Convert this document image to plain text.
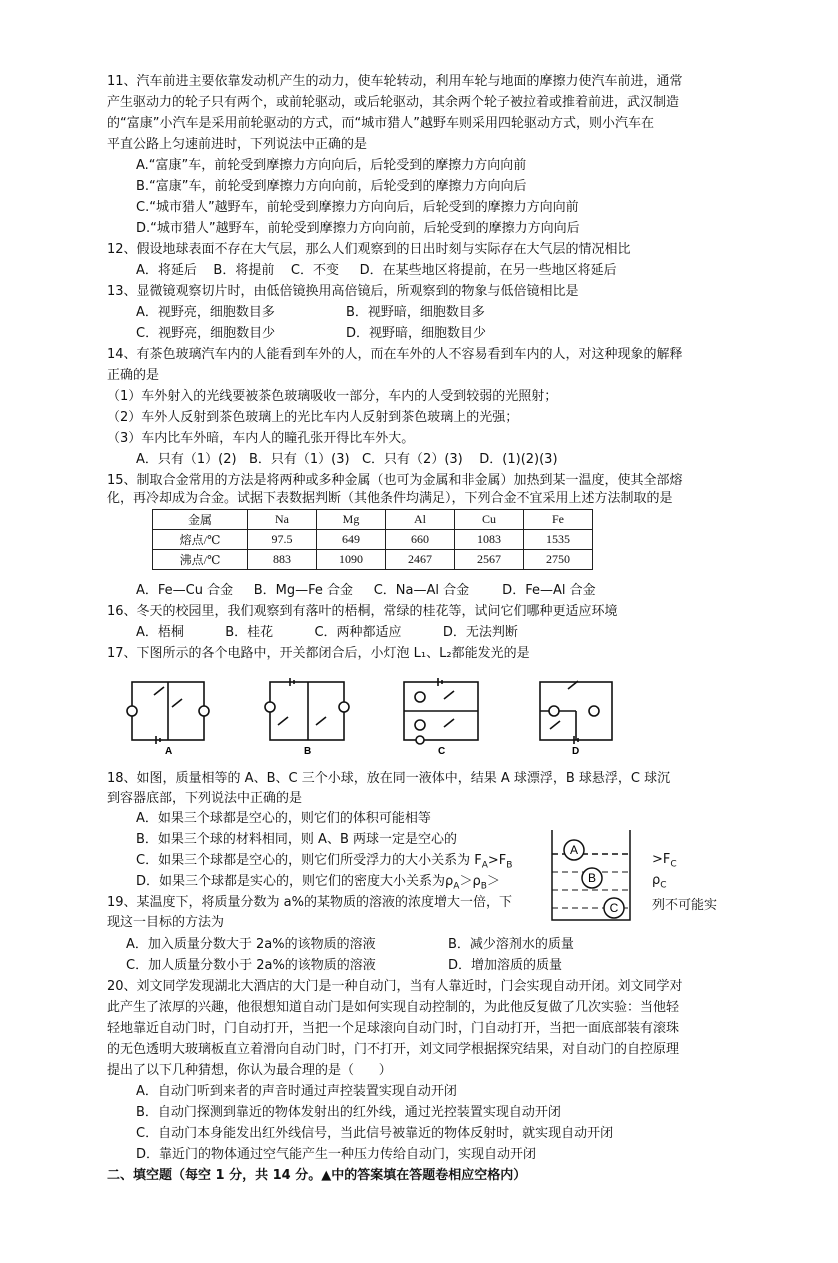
11、汽车前进主要依靠发动机产生的动力，使车轮转动，利用车轮与地面的摩擦力使汽车前进，通常
产生驱动力的轮子只有两个，或前轮驱动，或后轮驱动，其余两个轮子被拉着或推着前进，武汉制造
的“富康”小汽车是采用前轮驱动的方式，而“城市猎人”越野车则采用四轮驱动方式，则小汽车在
平直公路上匀速前进时，下列说法中正确的是
A.“富康”车，前轮受到摩擦力方向向后，后轮受到的摩擦力方向向前
B.“富康”车，前轮受到摩擦力方向向前，后轮受到的摩擦力方向向后
C.“城市猎人”越野车，前轮受到摩擦力方向向后，后轮受到的摩擦力方向向前
D.“城市猎人”越野车，前轮受到摩擦力方向向前，后轮受到的摩擦力方向向后
12、假设地球表面不存在大气层，那么人们观察到的日出时刻与实际存在大气层的情况相比
A．将延后    B．将提前    C．不变     D．在某些地区将提前，在另一些地区将延后
13、显微镜观察切片时，由低倍镜换用高倍镜后，所观察到的物象与低倍镜相比是
A．视野亮，细胞数目多	B．视野暗，细胞数目多
C．视野亮，细胞数目少	D．视野暗，细胞数目少
14、有茶色玻璃汽车内的人能看到车外的人，而在车外的人不容易看到车内的人，对这种现象的解释
正确的是
（1）车外射入的光线要被茶色玻璃吸收一部分，车内的人受到较弱的光照射；
（2）车外人反射到茶色玻璃上的光比车内人反射到茶色玻璃上的光强；
（3）车内比车外暗，车内人的瞳孔张开得比车外大。
A．只有（1）(2)   B．只有（1）(3)   C．只有（2）(3)    D．(1)(2)(3)
15、制取合金常用的方法是将两种或多种金属（也可为金属和非金属）加热到某一温度，使其全部熔
化，再冷却成为合金。试据下表数据判断（其他条件均满足），下列合金不宜采用上述方法制取的是
金属	Na	Mg	Al	Cu	Fe
熔点/℃	97.5	649	660	1083	1535
沸点/℃	883	1090	2467	2567	2750
A．Fe—Cu 合金     B．Mg—Fe 合金     C．Na—Al 合金        D．Fe—Al 合金
16、冬天的校园里，我们观察到有落叶的梧桐，常绿的桂花等，试问它们哪种更适应环境
A．梧桐          B．桂花          C．两种都适应          D．无法判断
17、下图所示的各个电路中，开关都闭合后，小灯泡 L₁、L₂都能发光的是
A	B	C	D
18、如图，质量相等的 A、B、C 三个小球，放在同一液体中，结果 A 球漂浮，B 球悬浮，C 球沉
到容器底部，下列说法中正确的是
A．如果三个球都是空心的，则它们的体积可能相等
B．如果三个球的材料相同，则 A、B 两球一定是空心的
C．如果三个球都是空心的，则它们所受浮力的大小关系为 $F_A>F_B$
D．如果三个球都是实心的，则它们的密度大小关系为$\rho_A>\rho_B>$
A
B
C
$>F_C$
$\rho_C$
19、某温度下，将质量分数为 a%的某物质的溶液的浓度增大一倍，下	列不可能实
现这一目标的方法为
A．加入质量分数大于 2a%的该物质的溶液	B．减少溶剂水的质量
C．加人质量分数小于 2a%的该物质的溶液	D．增加溶质的质量
20、刘文同学发现湖北大酒店的大门是一种自动门，当有人靠近时，门会实现自动开闭。刘文同学对
此产生了浓厚的兴趣，他很想知道自动门是如何实现自动控制的，为此他反复做了几次实验：当他轻
轻地靠近自动门时，门自动打开，当把一个足球滚向自动门时，门自动打开，当把一面底部装有滚珠
的无色透明大玻璃板直立着滑向自动门时，门不打开，刘文同学根据探究结果，对自动门的自控原理
提出了以下几种猜想，你认为最合理的是（      ）
A．自动门听到来者的声音时通过声控装置实现自动开闭
B．自动门探测到靠近的物体发射出的红外线，通过光控装置实现自动开闭
C．自动门本身能发出红外线信号，当此信号被靠近的物体反射时，就实现自动开闭
D．靠近门的物体通过空气能产生一种压力传给自动门，实现自动开闭
二、填空题（每空 1 分，共 14 分。▲中的答案填在答题卷相应空格内）
